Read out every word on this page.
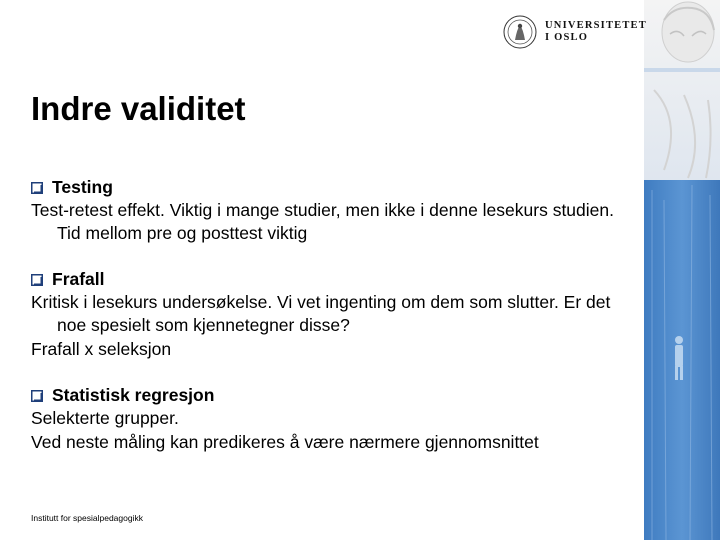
UNIVERSITETET
I OSLO
Indre validitet
Testing

Test-retest effekt. Viktig i mange studier, men ikke i denne lesekurs studien. Tid mellom pre og posttest viktig

Frafall

Kritisk i lesekurs undersøkelse. Vi vet ingenting om dem som slutter. Er det noe spesielt som kjennetegner disse?

Frafall x seleksjon

Statistisk regresjon

Selekterte grupper.

Ved neste måling kan predikeres å være nærmere gjennomsnittet

Institutt for spesialpedagogikk
